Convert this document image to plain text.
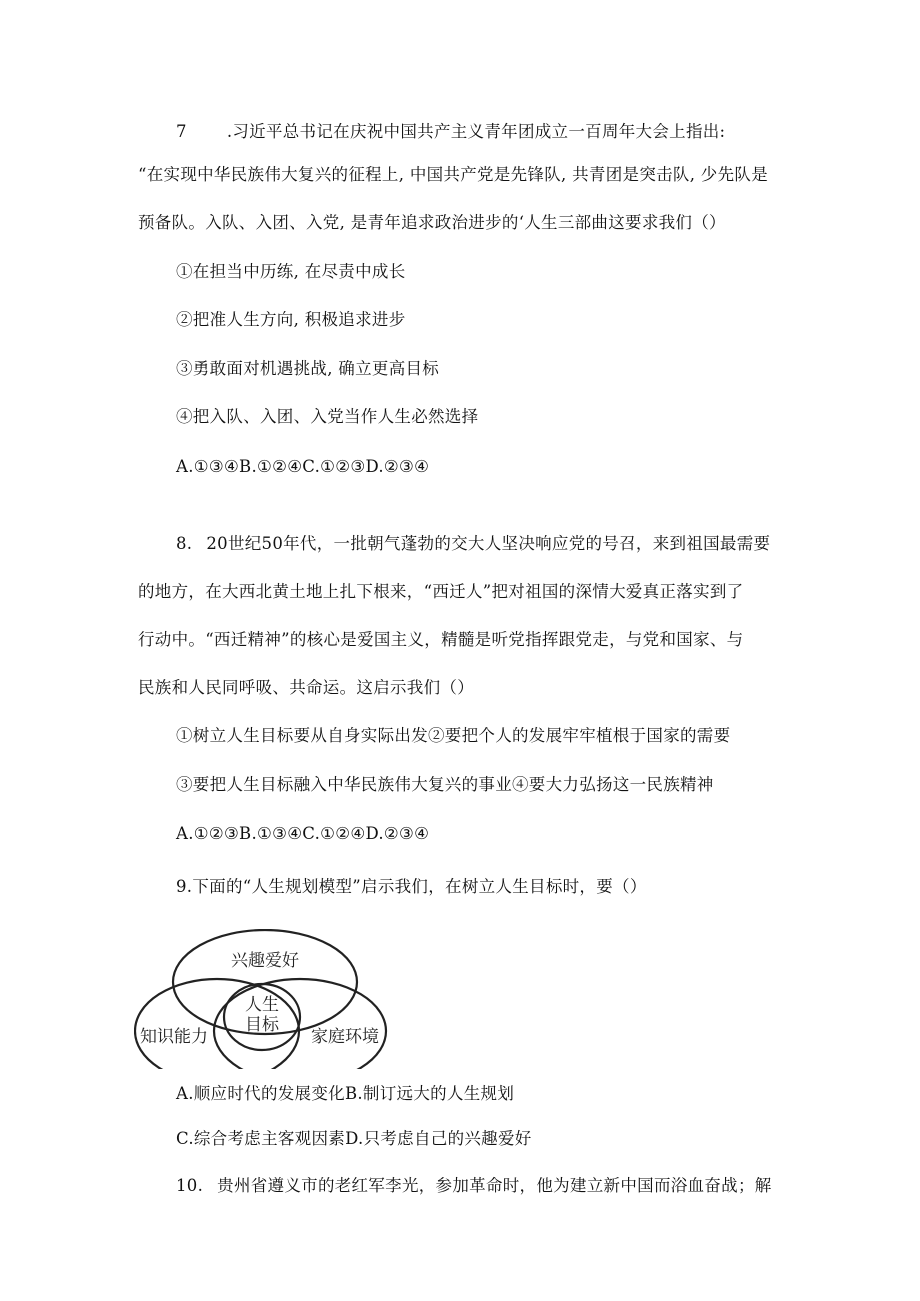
7 .习近平总书记在庆祝中国共产主义青年团成立一百周年大会上指出:
“在实现中华民族伟大复兴的征程上, 中国共产党是先锋队, 共青团是突击队, 少先队是
预备队。入队、入团、入党, 是青年追求政治进步的‘人生三部曲这要求我们（）
①在担当中历练, 在尽责中成长
②把准人生方向, 积极追求进步
③勇敢面对机遇挑战, 确立更高目标
④把入队、入团、入党当作人生必然选择
A.①③④B.①②④C.①②③D.②③④
8. 20世纪50年代，一批朝气蓬勃的交大人坚决响应党的号召，来到祖国最需要
的地方，在大西北黄土地上扎下根来，“西迁人”把对祖国的深情大爱真正落实到了
行动中。“西迁精神”的核心是爱国主义，精髓是听党指挥跟党走，与党和国家、与
民族和人民同呼吸、共命运。这启示我们（）
①树立人生目标要从自身实际出发②要把个人的发展牢牢植根于国家的需要
③要把人生目标融入中华民族伟大复兴的事业④要大力弘扬这一民族精神
A.①②③B.①③④C.①②④D.②③④
9.下面的“人生规划模型”启示我们，在树立人生目标时，要（）
兴趣爱好
知识能力	家庭环境
人生
目标
A.顺应时代的发展变化B.制订远大的人生规划
C.综合考虑主客观因素D.只考虑自己的兴趣爱好
10. 贵州省遵义市的老红军李光，参加革命时，他为建立新中国而浴血奋战；解
